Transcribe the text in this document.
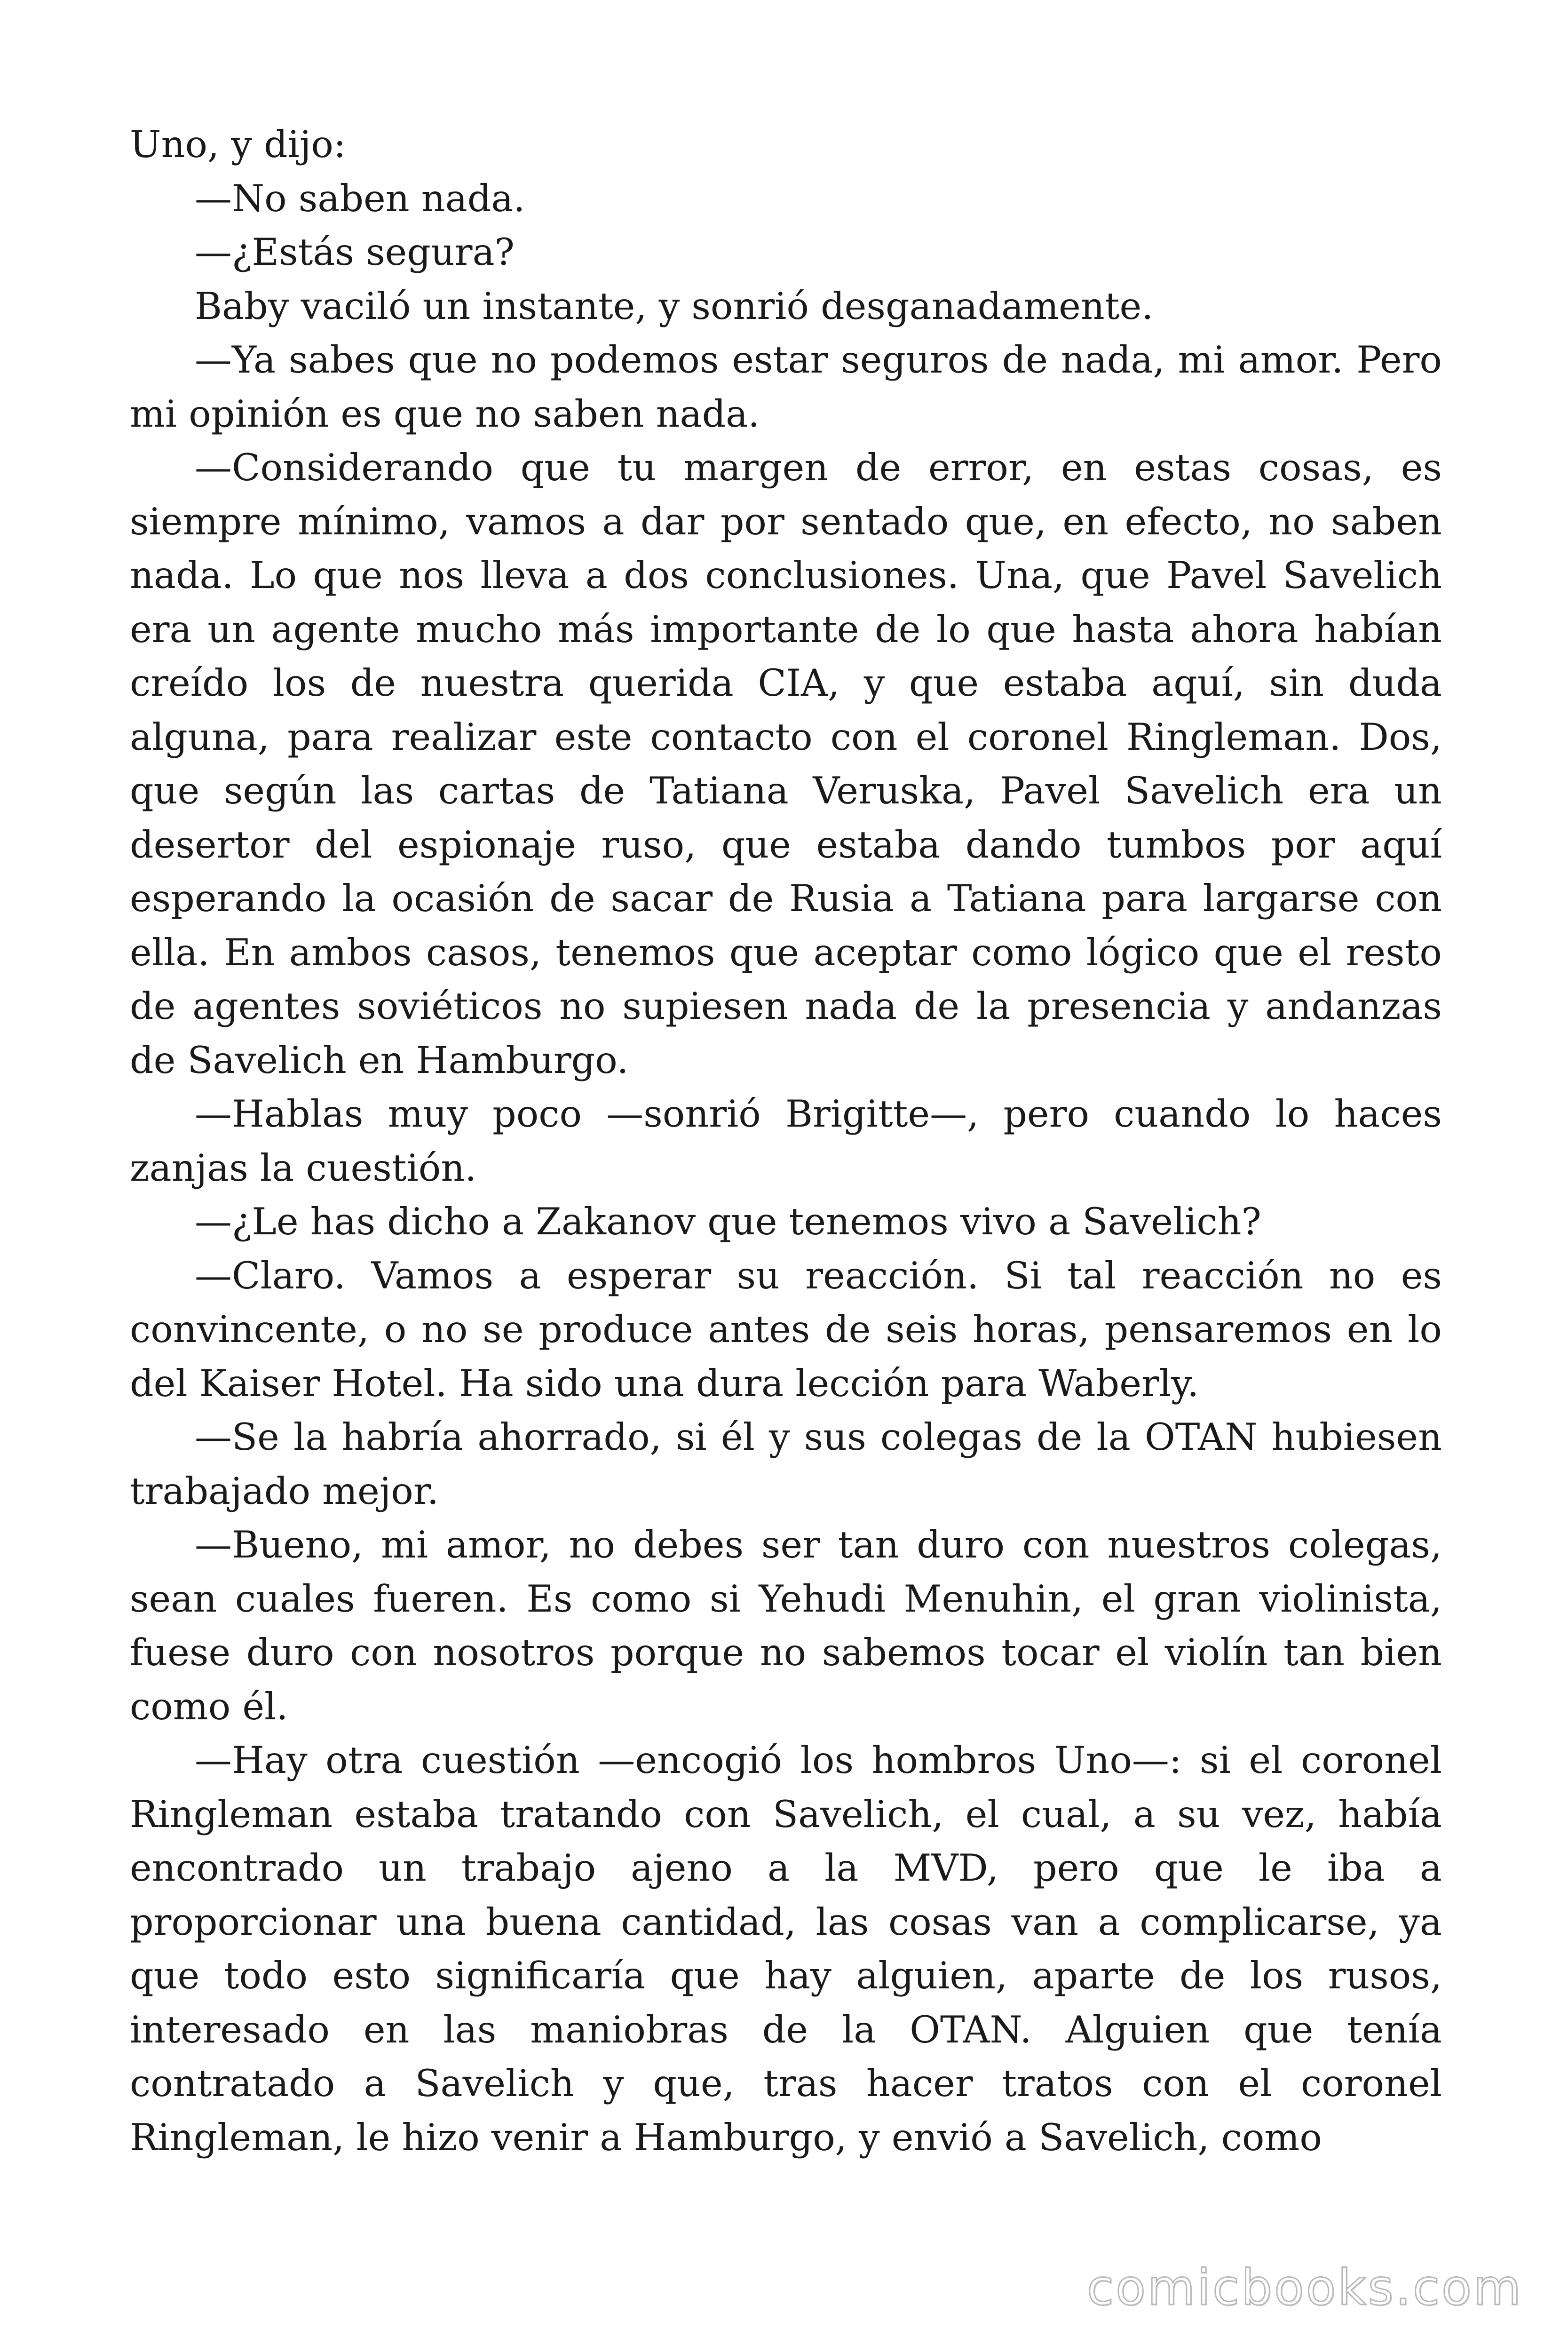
Uno, y dijo:

—No saben nada.

—¿Estás segura?

Baby vaciló un instante, y sonrió desganadamente.

—Ya sabes que no podemos estar seguros de nada, mi amor. Pero mi opinión es que no saben nada.

—Considerando que tu margen de error, en estas cosas, es siempre mínimo, vamos a dar por sentado que, en efecto, no saben nada. Lo que nos lleva a dos conclusiones. Una, que Pavel Savelich era un agente mucho más importante de lo que hasta ahora habían creído los de nuestra querida CIA, y que estaba aquí, sin duda alguna, para realizar este contacto con el coronel Ringleman. Dos, que según las cartas de Tatiana Veruska, Pavel Savelich era un desertor del espionaje ruso, que estaba dando tumbos por aquí esperando la ocasión de sacar de Rusia a Tatiana para largarse con ella. En ambos casos, tenemos que aceptar como lógico que el resto de agentes soviéticos no supiesen nada de la presencia y andanzas de Savelich en Hamburgo.

—Hablas muy poco —sonrió Brigitte—, pero cuando lo haces zanjas la cuestión.

—¿Le has dicho a Zakanov que tenemos vivo a Savelich?

—Claro. Vamos a esperar su reacción. Si tal reacción no es convincente, o no se produce antes de seis horas, pensaremos en lo del Kaiser Hotel. Ha sido una dura lección para Waberly.

—Se la habría ahorrado, si él y sus colegas de la OTAN hubiesen trabajado mejor.

—Bueno, mi amor, no debes ser tan duro con nuestros colegas, sean cuales fueren. Es como si Yehudi Menuhin, el gran violinista, fuese duro con nosotros porque no sabemos tocar el violín tan bien como él.

—Hay otra cuestión —encogió los hombros Uno—: si el coronel Ringleman estaba tratando con Savelich, el cual, a su vez, había encontrado un trabajo ajeno a la MVD, pero que le iba a proporcionar una buena cantidad, las cosas van a complicarse, ya que todo esto significaría que hay alguien, aparte de los rusos, interesado en las maniobras de la OTAN. Alguien que tenía contratado a Savelich y que, tras hacer tratos con el coronel Ringleman, le hizo venir a Hamburgo, y envió a Savelich, como

comicbooks.com
